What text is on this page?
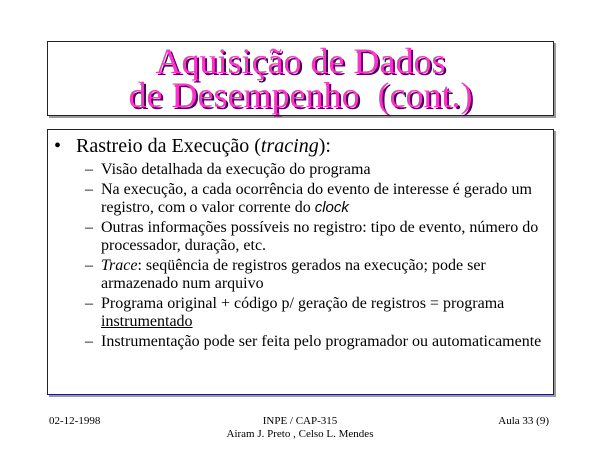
Aquisição de Dados
de Desempenho  (cont.)
• Rastreio da Execução (tracing):
– Visão detalhada da execução do programa
– Na execução, a cada ocorrência do evento de interesse é gerado um registro, com o valor corrente do clock
– Outras informações possíveis no registro: tipo de evento, número do processador, duração, etc.
– Trace: seqüência de registros gerados na execução; pode ser armazenado num arquivo
– Programa original + código p/ geração de registros = programa instrumentado
– Instrumentação pode ser feita pelo programador ou automaticamente
02-12-1998	INPE / CAP-315
Airam J. Preto , Celso L. Mendes
Aula 33 (9)
